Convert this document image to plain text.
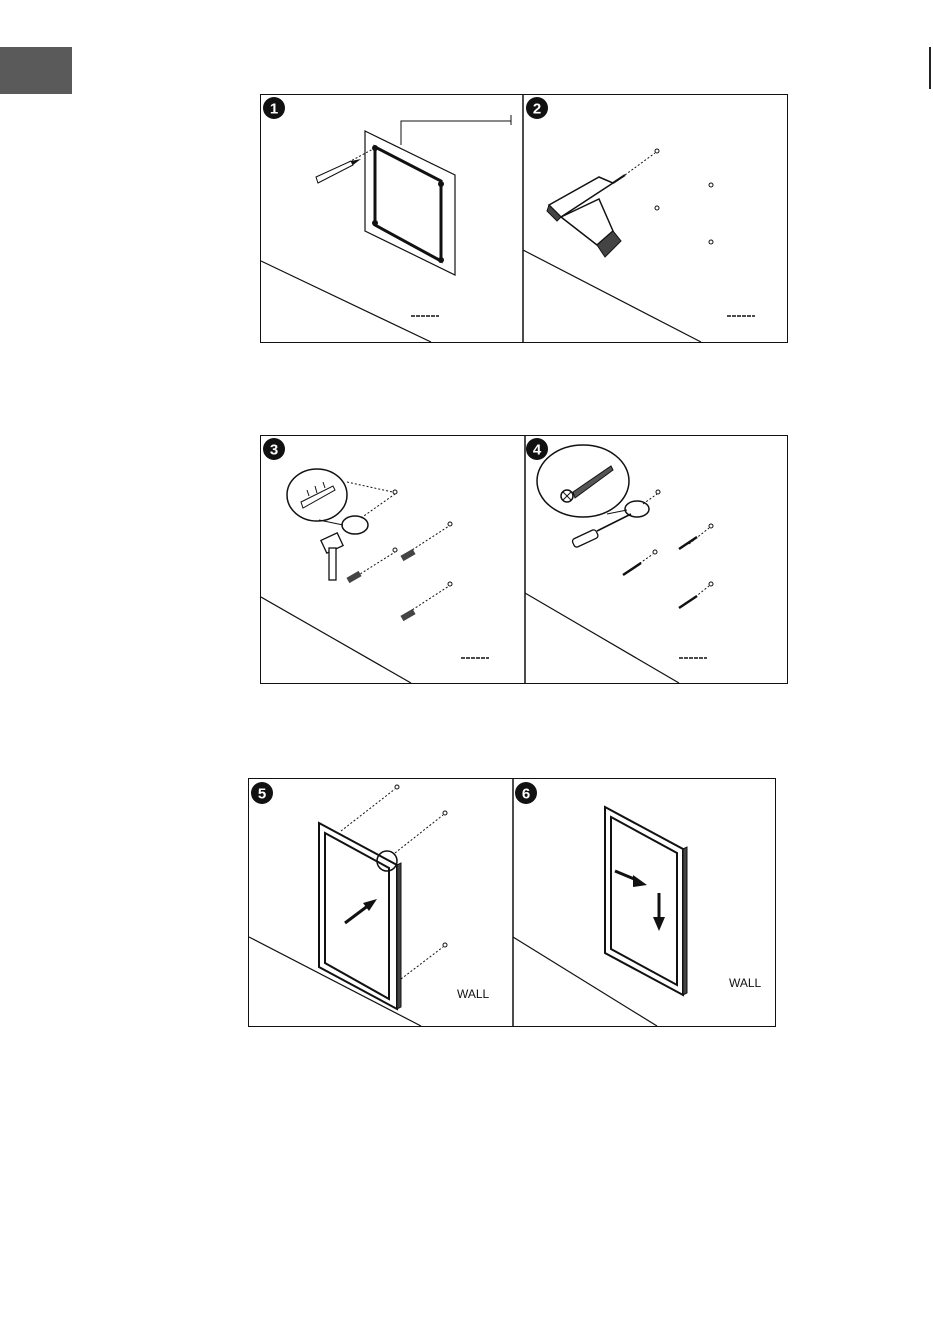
1	2
3	4
5
WALL
6
WALL
